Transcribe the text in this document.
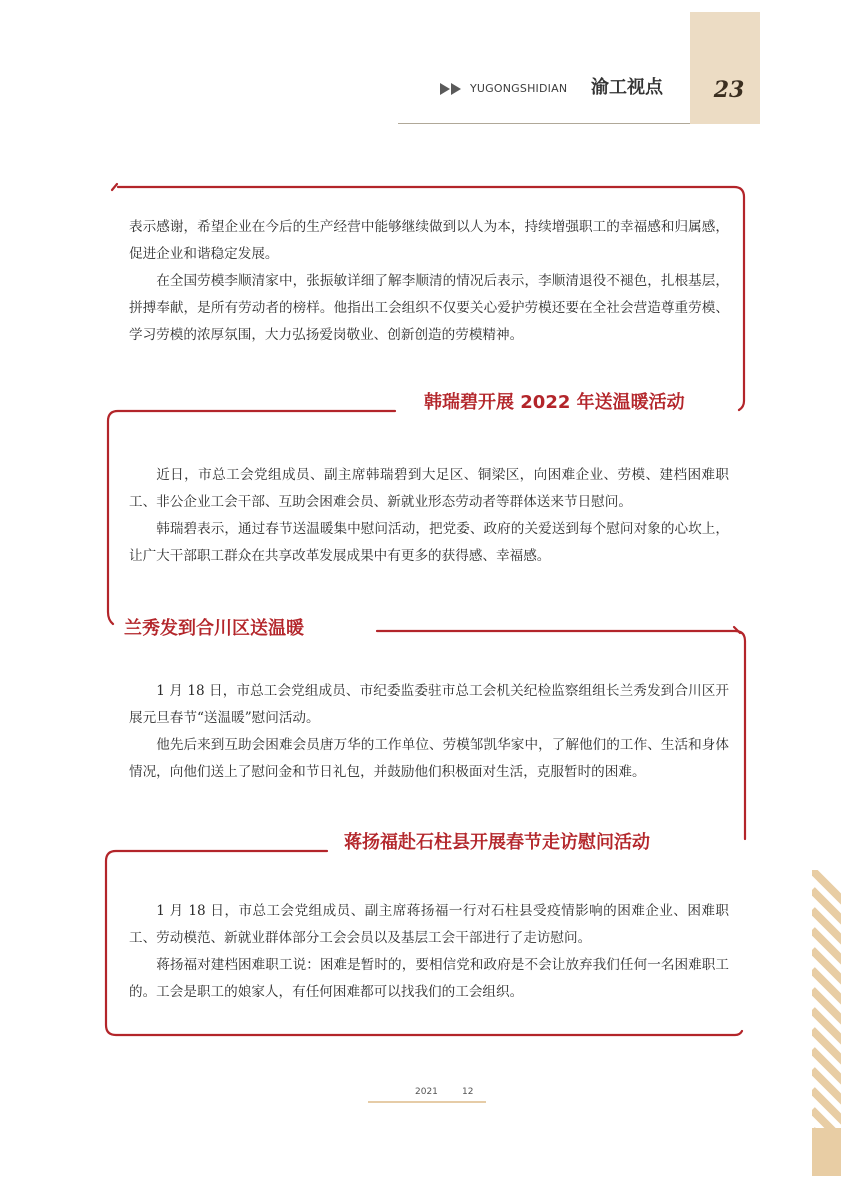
23
YUGONGSHIDIAN 渝工视点

表示感谢，希望企业在今后的生产经营中能够继续做到以人为本，持续增强职工的幸福感和归属感，促进企业和谐稳定发展。

在全国劳模李顺清家中，张振敏详细了解李顺清的情况后表示，李顺清退役不褪色，扎根基层，拼搏奉献，是所有劳动者的榜样。他指出工会组织不仅要关心爱护劳模还要在全社会营造尊重劳模、学习劳模的浓厚氛围，大力弘扬爱岗敬业、创新创造的劳模精神。

韩瑞碧开展 2022 年送温暖活动

近日，市总工会党组成员、副主席韩瑞碧到大足区、铜梁区，向困难企业、劳模、建档困难职工、非公企业工会干部、互助会困难会员、新就业形态劳动者等群体送来节日慰问。

韩瑞碧表示，通过春节送温暖集中慰问活动，把党委、政府的关爱送到每个慰问对象的心坎上，让广大干部职工群众在共享改革发展成果中有更多的获得感、幸福感。

兰秀发到合川区送温暖

1 月 18 日，市总工会党组成员、市纪委监委驻市总工会机关纪检监察组组长兰秀发到合川区开展元旦春节“送温暖”慰问活动。

他先后来到互助会困难会员唐万华的工作单位、劳模邹凯华家中，了解他们的工作、生活和身体情况，向他们送上了慰问金和节日礼包，并鼓励他们积极面对生活，克服暂时的困难。

蒋扬福赴石柱县开展春节走访慰问活动

1 月 18 日，市总工会党组成员、副主席蒋扬福一行对石柱县受疫情影响的困难企业、困难职工、劳动模范、新就业群体部分工会会员以及基层工会干部进行了走访慰问。

蒋扬福对建档困难职工说：困难是暂时的，要相信党和政府是不会让放弃我们任何一名困难职工的。工会是职工的娘家人，有任何困难都可以找我们的工会组织。

2021	12
